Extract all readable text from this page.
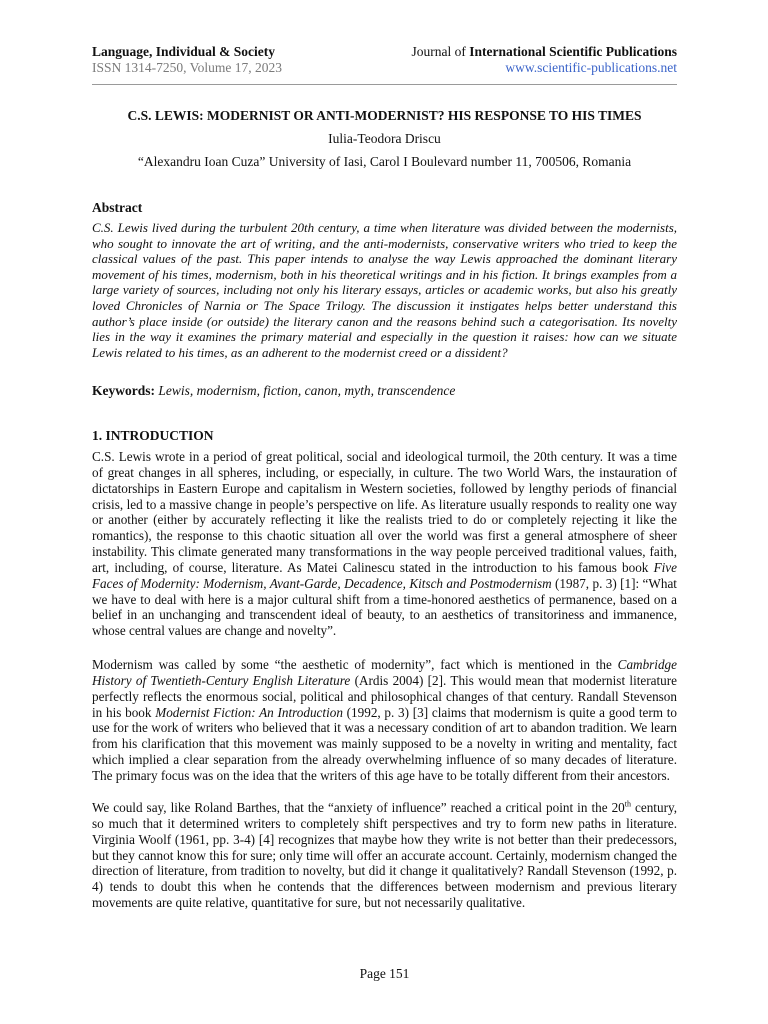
Language, Individual & Society	Journal of International Scientific Publications
ISSN 1314-7250, Volume 17, 2023	www.scientific-publications.net
C.S. LEWIS: MODERNIST OR ANTI-MODERNIST? HIS RESPONSE TO HIS TIMES
Iulia-Teodora Driscu
“Alexandru Ioan Cuza” University of Iasi, Carol I Boulevard number 11, 700506, Romania
Abstract
C.S. Lewis lived during the turbulent 20th century, a time when literature was divided between the modernists, who sought to innovate the art of writing, and the anti-modernists, conservative writers who tried to keep the classical values of the past. This paper intends to analyse the way Lewis approached the dominant literary movement of his times, modernism, both in his theoretical writings and in his fiction. It brings examples from a large variety of sources, including not only his literary essays, articles or academic works, but also his greatly loved Chronicles of Narnia or The Space Trilogy. The discussion it instigates helps better understand this author’s place inside (or outside) the literary canon and the reasons behind such a categorisation. Its novelty lies in the way it examines the primary material and especially in the question it raises: how can we situate Lewis related to his times, as an adherent to the modernist creed or a dissident?
Keywords: Lewis, modernism, fiction, canon, myth, transcendence
1. INTRODUCTION
C.S. Lewis wrote in a period of great political, social and ideological turmoil, the 20th century. It was a time of great changes in all spheres, including, or especially, in culture. The two World Wars, the instauration of dictatorships in Eastern Europe and capitalism in Western societies, followed by lengthy periods of financial crisis, led to a massive change in people’s perspective on life. As literature usually responds to reality one way or another (either by accurately reflecting it like the realists tried to do or completely rejecting it like the romantics), the response to this chaotic situation all over the world was first a general atmosphere of sheer instability. This climate generated many transformations in the way people perceived traditional values, faith, art, including, of course, literature. As Matei Calinescu stated in the introduction to his famous book Five Faces of Modernity: Modernism, Avant-Garde, Decadence, Kitsch and Postmodernism (1987, p. 3) [1]: “What we have to deal with here is a major cultural shift from a time-honored aesthetics of permanence, based on a belief in an unchanging and transcendent ideal of beauty, to an aesthetics of transitoriness and immanence, whose central values are change and novelty”.
Modernism was called by some “the aesthetic of modernity”, fact which is mentioned in the Cambridge History of Twentieth-Century English Literature (Ardis 2004) [2]. This would mean that modernist literature perfectly reflects the enormous social, political and philosophical changes of that century. Randall Stevenson in his book Modernist Fiction: An Introduction (1992, p. 3) [3] claims that modernism is quite a good term to use for the work of writers who believed that it was a necessary condition of art to abandon tradition. We learn from his clarification that this movement was mainly supposed to be a novelty in writing and mentality, fact which implied a clear separation from the already overwhelming influence of so many decades of literature. The primary focus was on the idea that the writers of this age have to be totally different from their ancestors.
We could say, like Roland Barthes, that the “anxiety of influence” reached a critical point in the 20th century, so much that it determined writers to completely shift perspectives and try to form new paths in literature. Virginia Woolf (1961, pp. 3-4) [4] recognizes that maybe how they write is not better than their predecessors, but they cannot know this for sure; only time will offer an accurate account. Certainly, modernism changed the direction of literature, from tradition to novelty, but did it change it qualitatively? Randall Stevenson (1992, p. 4) tends to doubt this when he contends that the differences between modernism and previous literary movements are quite relative, quantitative for sure, but not necessarily qualitative.
Page 151
